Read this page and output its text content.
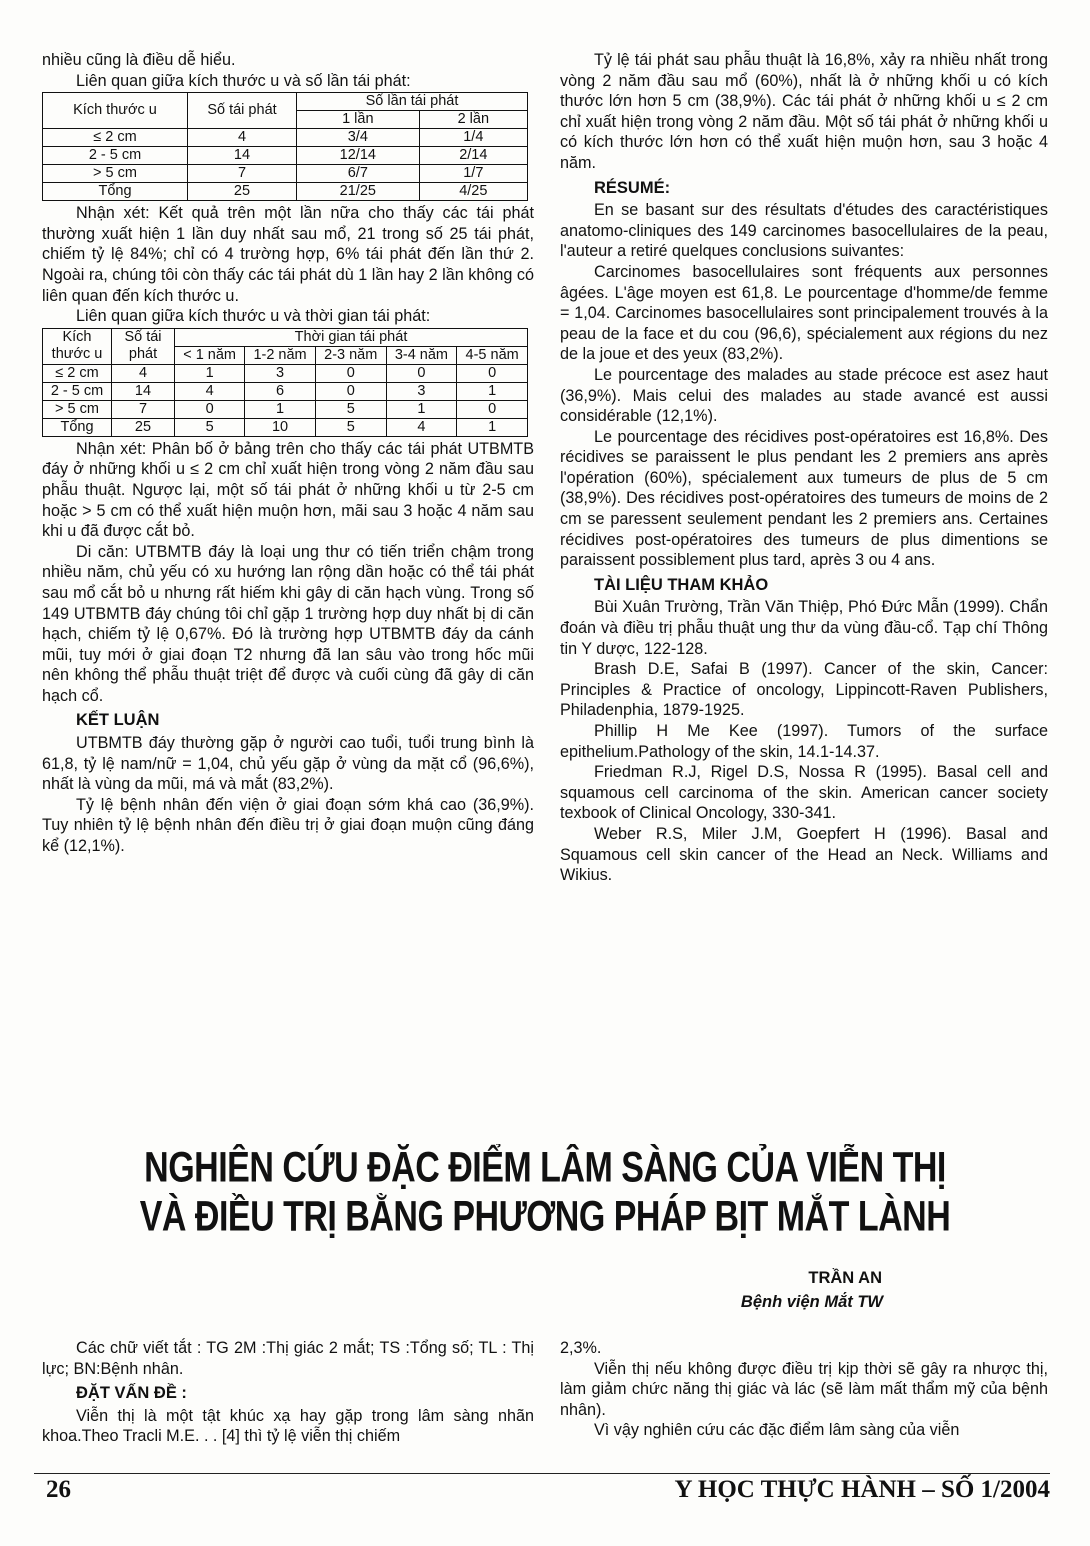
nhiều cũng là điều dễ hiểu.

Liên quan giữa kích thước u và số lần tái phát:

Kích thước u	Số tái phát	Số lần tái phát	
		1 lần	2 lần
≤ 2 cm	4	3/4	1/4
2 - 5 cm	14	12/14	2/14
> 5 cm	7	6/7	1/7
Tổng	25	21/25	4/25

Nhận xét: Kết quả trên một lần nữa cho thấy các tái phát thường xuất hiện 1 lần duy nhất sau mổ, 21 trong số 25 tái phát, chiếm tỷ lệ 84%; chỉ có 4 trường hợp, 6% tái phát đến lần thứ 2. Ngoài ra, chúng tôi còn thấy các tái phát dù 1 lần hay 2 lần không có liên quan đến kích thước u.

Liên quan giữa kích thước u và thời gian tái phát:

Kích thước u	Số tái phát	Thời gian tái phát				
		< 1 năm	1-2 năm	2-3 năm	3-4 năm	4-5 năm
≤ 2 cm	4	1	3	0	0	0
2 - 5 cm	14	4	6	0	3	1
> 5 cm	7	0	1	5	1	0
Tổng	25	5	10	5	4	1

Nhận xét: Phân bố ở bảng trên cho thấy các tái phát UTBMTB đáy ở những khối u ≤ 2 cm chỉ xuất hiện trong vòng 2 năm đầu sau phẫu thuật. Ngược lại, một số tái phát ở những khối u từ 2-5 cm hoặc > 5 cm có thể xuất hiện muộn hơn, mãi sau 3 hoặc 4 năm sau khi u đã được cắt bỏ.

Di căn: UTBMTB đáy là loại ung thư có tiến triển chậm trong nhiều năm, chủ yếu có xu hướng lan rộng dần hoặc có thể tái phát sau mổ cắt bỏ u nhưng rất hiếm khi gây di căn hạch vùng. Trong số 149 UTBMTB đáy chúng tôi chỉ gặp 1 trường hợp duy nhất bị di căn hạch, chiếm tỷ lệ 0,67%. Đó là trường hợp UTBMTB đáy da cánh mũi, tuy mới ở giai đoạn T2 nhưng đã lan sâu vào trong hốc mũi nên không thể phẫu thuật triệt để được và cuối cùng đã gây di căn hạch cổ.

KẾT LUẬN

UTBMTB đáy thường gặp ở người cao tuổi, tuổi trung bình là 61,8, tỷ lệ nam/nữ = 1,04, chủ yếu gặp ở vùng da mặt cổ (96,6%), nhất là vùng da mũi, má và mắt (83,2%).

Tỷ lệ bệnh nhân đến viện ở giai đoạn sớm khá cao (36,9%). Tuy nhiên tỷ lệ bệnh nhân đến điều trị ở giai đoạn muộn cũng đáng kể (12,1%).

Tỷ lệ tái phát sau phẫu thuật là 16,8%, xảy ra nhiều nhất trong vòng 2 năm đầu sau mổ (60%), nhất là ở những khối u có kích thước lớn hơn 5 cm (38,9%). Các tái phát ở những khối u ≤ 2 cm chỉ xuất hiện trong vòng 2 năm đầu. Một số tái phát ở những khối u có kích thước lớn hơn có thể xuất hiện muộn hơn, sau 3 hoặc 4 năm.

RÉSUMÉ:

En se basant sur des résultats d'études des caractéristiques anatomo-cliniques des 149 carcinomes basocellulaires de la peau, l'auteur a retiré quelques conclusions suivantes:

Carcinomes basocellulaires sont fréquents aux personnes âgées. L'âge moyen est 61,8. Le pourcentage d'homme/de femme = 1,04. Carcinomes basocellulaires sont principalement trouvés à la peau de la face et du cou (96,6), spécialement aux régions du nez de la joue et des yeux (83,2%).

Le pourcentage des malades au stade précoce est asez haut (36,9%). Mais celui des malades au stade avancé est aussi considérable (12,1%).

Le pourcentage des récidives post-opératoires est 16,8%. Des récidives se paraissent le plus pendant les 2 premiers ans après l'opération (60%), spécialement aux tumeurs de plus de 5 cm (38,9%). Des récidives post-opératoires des tumeurs de moins de 2 cm se paressent seulement pendant les 2 premiers ans. Certaines récidives post-opératoires des tumeurs de plus dimentions se paraissent possiblement plus tard, après 3 ou 4 ans.

TÀI LIỆU THAM KHẢO

Bùi Xuân Trường, Trần Văn Thiệp, Phó Đức Mẫn (1999). Chẩn đoán và điều trị phẫu thuật ung thư da vùng đầu-cổ. Tạp chí Thông tin Y dược, 122-128.

Brash D.E, Safai B (1997). Cancer of the skin, Cancer: Principles & Practice of oncology, Lippincott-Raven Publishers, Philadenphia, 1879-1925.

Phillip H Me Kee (1997). Tumors of the surface epithelium.Pathology of the skin, 14.1-14.37.

Friedman R.J, Rigel D.S, Nossa R (1995). Basal cell and squamous cell carcinoma of the skin. American cancer society texbook of Clinical Oncology, 330-341.

Weber R.S, Miler J.M, Goepfert H (1996). Basal and Squamous cell skin cancer of the Head an Neck. Williams and Wikius.

NGHIÊN CỨU ĐẶC ĐIỂM LÂM SÀNG CỦA VIỄN THỊ
VÀ ĐIỀU TRỊ BẰNG PHƯƠNG PHÁP BỊT MẮT LÀNH
TRẦN AN
Bệnh viện Mắt TW

Các chữ viết tắt : TG 2M :Thị giác 2 mắt; TS :Tổng số; TL : Thị lực; BN:Bệnh nhân.

ĐẶT VẤN ĐỀ :

Viễn thị là một tật khúc xạ hay gặp trong lâm sàng nhãn khoa.Theo Tracli M.E. . . [4] thì tỷ lệ viễn thị chiếm

2,3%.

Viễn thị nếu không được điều trị kịp thời sẽ gây ra nhược thị, làm giảm chức năng thị giác và lác (sẽ làm mất thẩm mỹ của bệnh nhân).

Vì vậy nghiên cứu các đặc điểm lâm sàng của viễn

26	Y HỌC THỰC HÀNH – SỐ 1/2004
